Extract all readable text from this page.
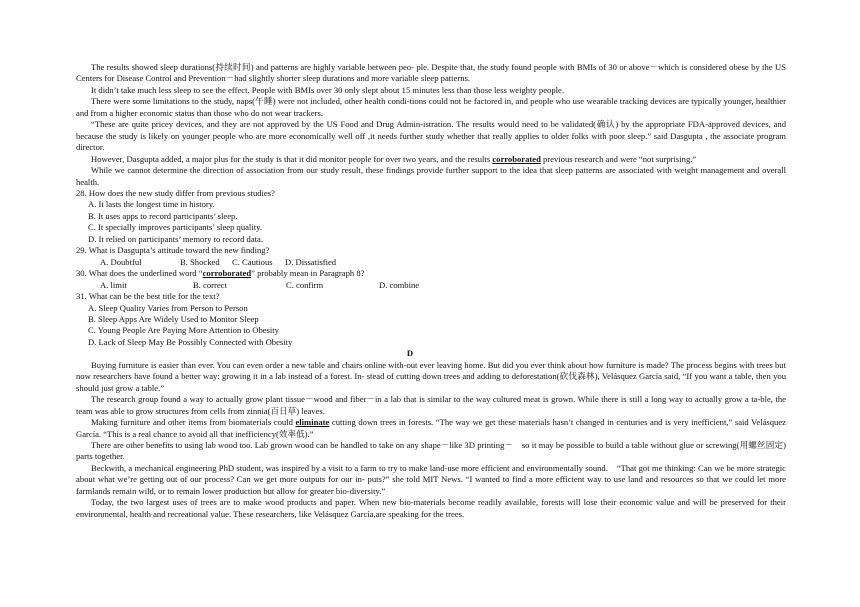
The results showed sleep durations(持续时间) and patterns are highly variable between peo- ple. Despite that, the study found people with BMIs of 30 or above－which is considered obese by the US Centers for Disease Control and Prevention－had slightly shorter sleep durations and more variable sleep patterns.

It didn’t take much less sleep to see the effect. People with BMIs over 30 only slept about 15 minutes less than those less weighty people.

There were some limitations to the study, naps(午睡) were not included, other health condi-tions could not be factored in, and people who use wearable tracking devices are typically younger, healthier and from a higher economic status than those who do not wear trackers.

“These are quite pricey devices, and they are not approved by the US Food and Drug Admin-istration. The results would need to be validated(确认) by the appropriate FDA-approved devices, and because the study is likely on younger people who are more economically well off ,it needs further study whether that really applies to older folks with poor sleep.” said Dasgupta , the associate program director.

However, Dasgupta added, a major plus for the study is that it did monitor people for over two years, and the results corroborated previous research and were “not surprising.”

While we cannot determine the direction of association from our study result, these findings provide further support to the idea that sleep patterns are associated with weight management and overall health.

28. How does the new study differ from previous studies?

A. It lasts the longest time in history.

B. It uses apps to record participants’ sleep.

C. It specially improves participants’ sleep quality.

D. It relied on participants’ memory to record data.

29. What is Dasgupta’s attitude toward the new finding?

A. Doubtful	B. Shocked	C. Cautious	D. Dissatisfied

30. What does the underlined word “corroborated” probably mean in Paragraph 8?

A. limit	B. correct	C. confirm	D. combine

31. What can be the best title for the text?

A. Sleep Quality Varies from Person to Person

B. Sleep Apps Are Widely Used to Monitor Sleep

C. Young People Are Paying More Attention to Obesity

D. Lack of Sleep May Be Possibly Connected with Obesity

D

Buying furniture is easier than ever. You can even order a new table and chairs online with-out ever leaving home. But did you ever think about how furniture is made? The process begins with trees but now researchers have found a better way: growing it in a lab instead of a forest. In- stead of cutting down trees and adding to deforestation(砍伐森林), Velásquez García said, “If you want a table, then you should just grow a table.”

The research group found a way to actually grow plant tissue－wood and fiber－in a lab that is similar to the way cultured meat is grown. While there is still a long way to actually grow a ta-ble, the team was able to grow structures from cells from zinnia(百日草) leaves.

Making furniture and other items from biomaterials could eliminate cutting down trees in forests. “The way we get these materials hasn’t changed in centuries and is very inefficient,” said Velásquez García. “This is a real chance to avoid all that inefficiency(效率低).”

There are other benefits to using lab wood too. Lab grown wood can be handled to take on any shape－like 3D printing－　so it may be possible to build a table without glue or screwing(用螺丝固定) parts together.

Beckwith, a mechanical engineering PhD student, was inspired by a visit to a farm to try to make land-use more efficient and environmentally sound.　“That got me thinking: Can we be more strategic about what we’re getting out of our process? Can we get more outputs for our in- puts?” she told MIT News. “I wanted to find a more efficient way to use land and resources so that we could let more farmlands remain wild, or to remain lower production but allow for greater bio-diversity.”

Today, the two largest uses of trees are to make wood products and paper. When new bio-materials become readily available, forests will lose their economic value and will be preserved for their environmental, health and recreational value. These researchers, like Velásquez García,are speaking for the trees.
